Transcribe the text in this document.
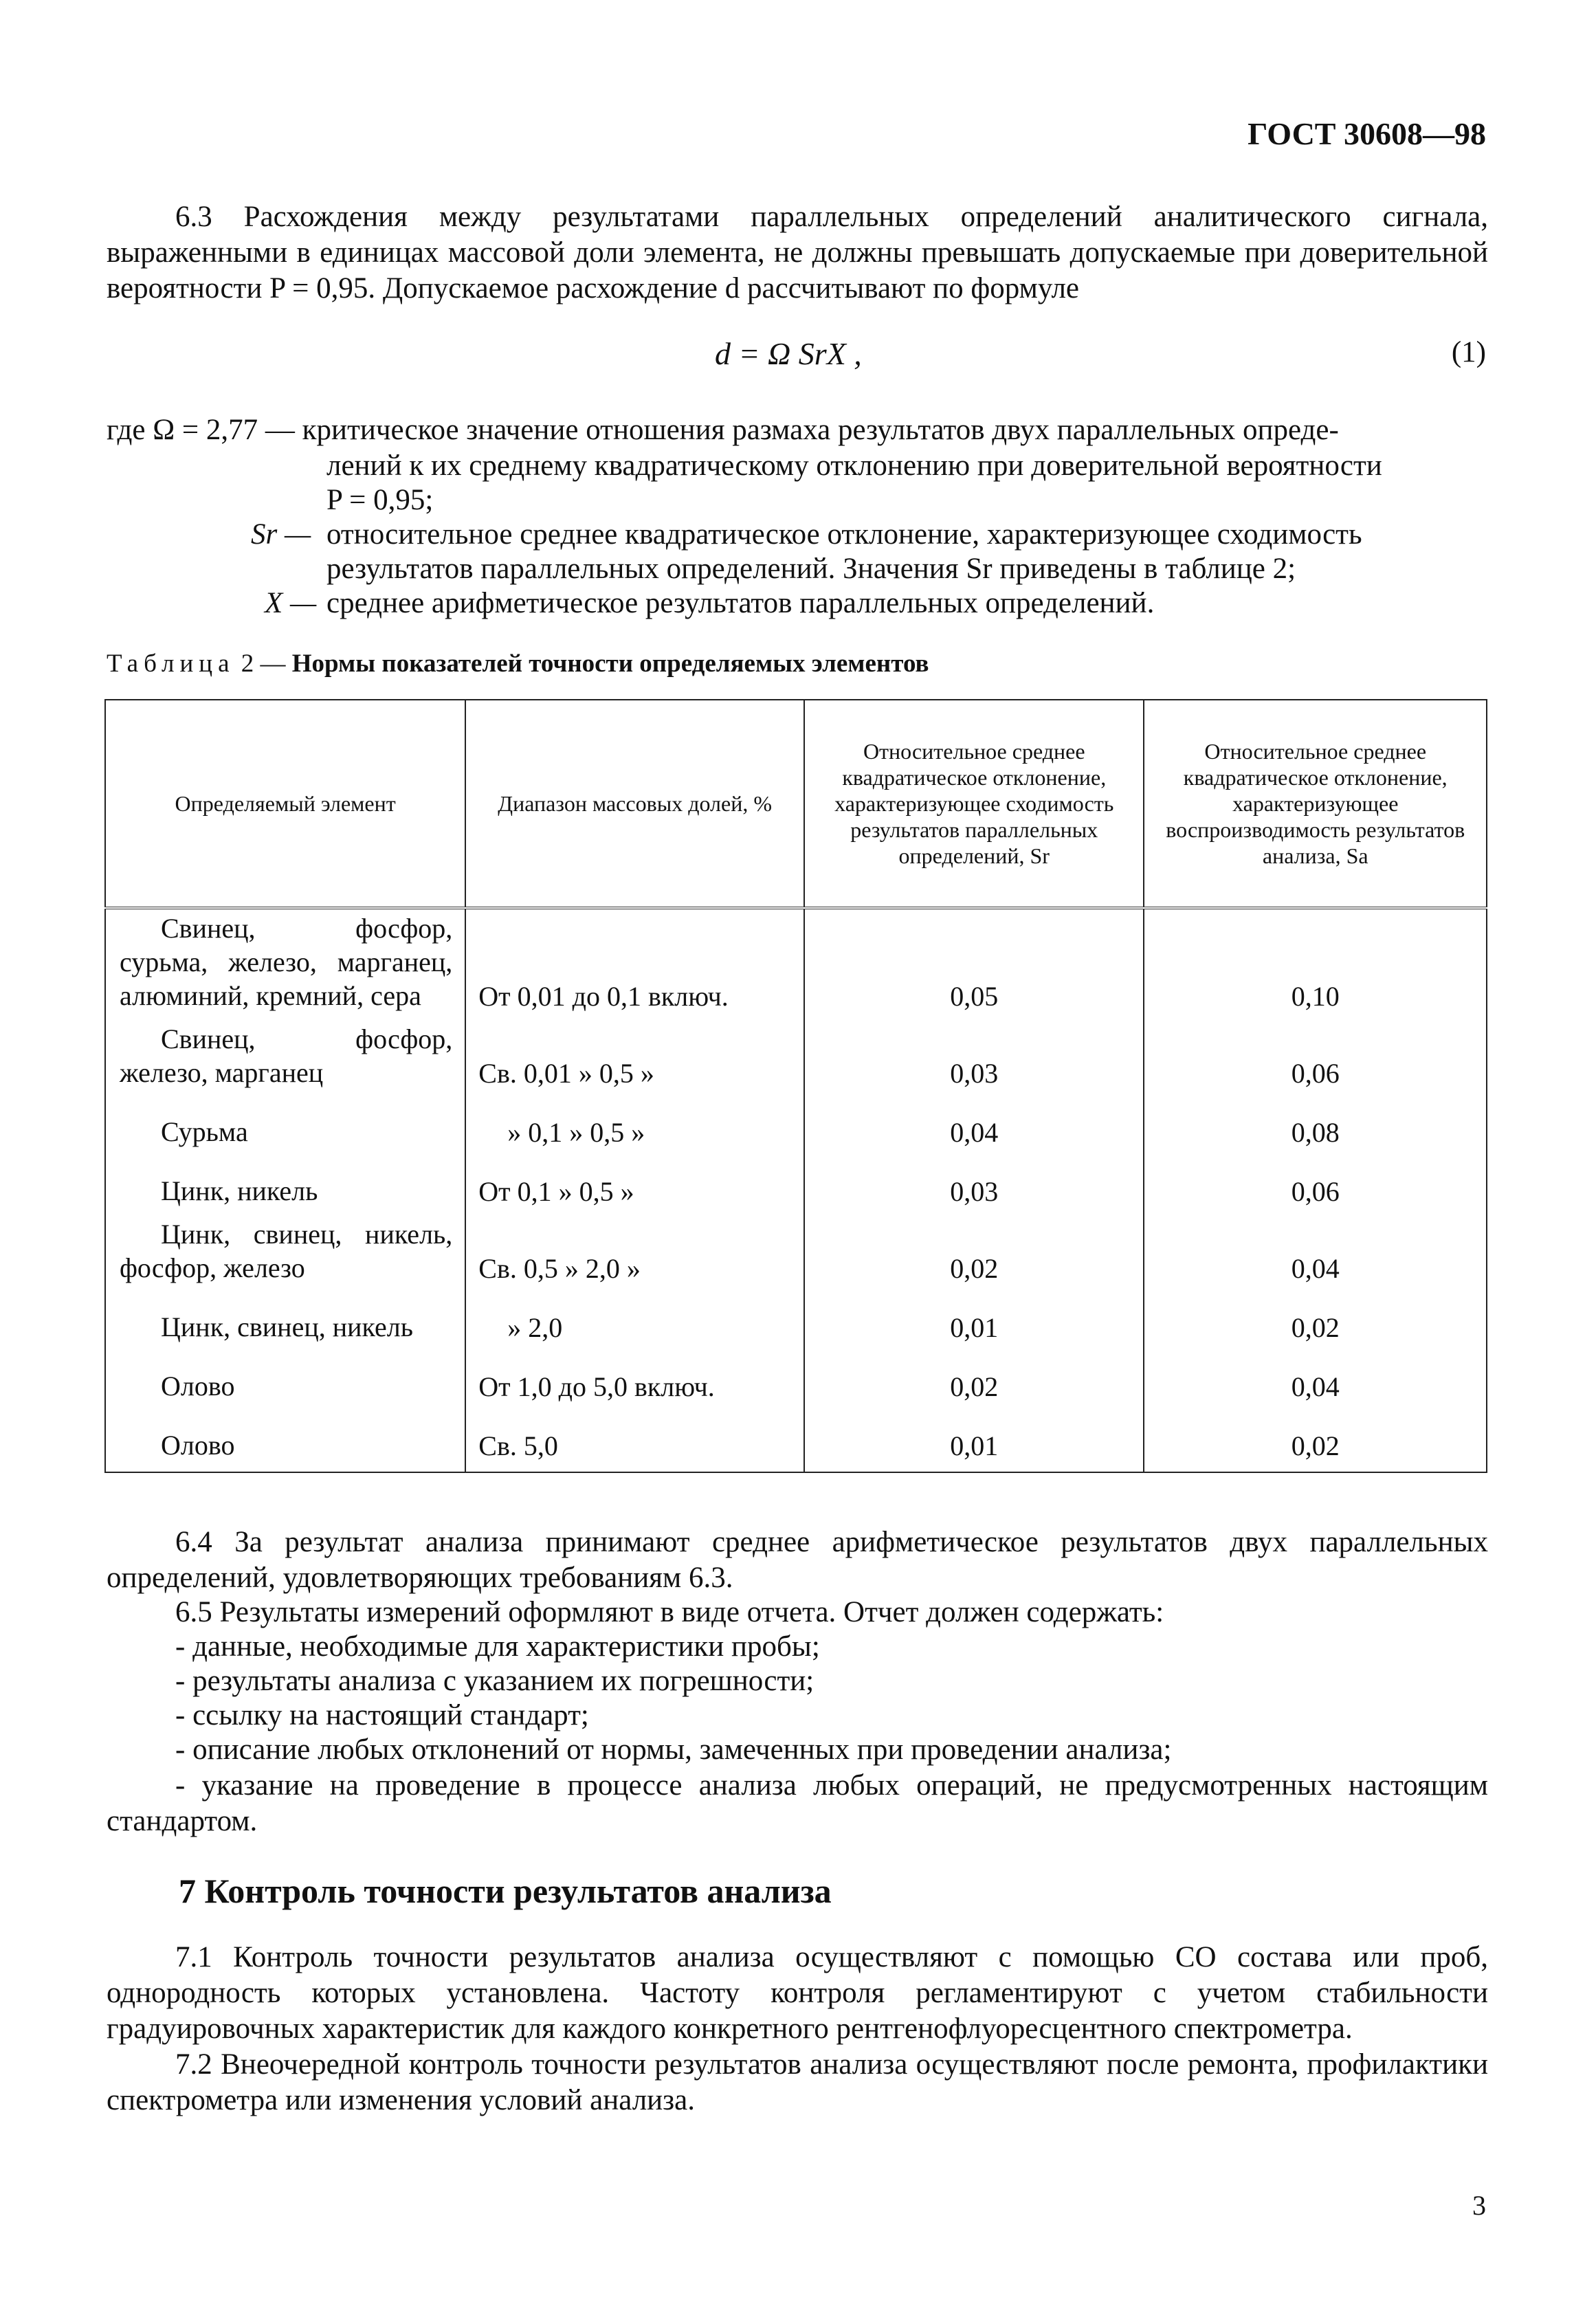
ГОСТ 30608—98
6.3 Расхождения между результатами параллельных определений аналитического сигнала, выраженными в единицах массовой доли элемента, не должны превышать допускаемые при доверительной вероятности P = 0,95. Допускаемое расхождение d рассчитывают по формуле
d = Ω SrX ,	(1)
где Ω = 2,77 — критическое значение отношения размаха результатов двух параллельных опреде-
лений к их среднему квадратическому отклонению при доверительной вероятности
P = 0,95;
Sr — относительное среднее квадратическое отклонение, характеризующее сходимость
результатов параллельных определений. Значения Sr приведены в таблице 2;
X — среднее арифметическое результатов параллельных определений.
Таблица 2 — Нормы показателей точности определяемых элементов
Определяемый элемент	Диапазон массовых долей, %	Относительное среднее квадратическое отклонение, характеризующее сходимость результатов параллельных определений, Sr	Относительное среднее квадратическое отклонение, характеризующее воспроизводимость результатов анализа, Sa
Свинец, фосфор, сурьма, железо, марганец, алюминий, кремний, сера	От 0,01 до 0,1 включ.	0,05	0,10
Свинец, фосфор, железо, марганец	Св. 0,01 » 0,5 »	0,03	0,06
Сурьма	» 0,1 » 0,5 »	0,04	0,08
Цинк, никель	От 0,1 » 0,5 »	0,03	0,06
Цинк, свинец, никель, фосфор, железо	Св. 0,5 » 2,0 »	0,02	0,04
Цинк, свинец, никель	» 2,0	0,01	0,02
Олово	От 1,0 до 5,0 включ.	0,02	0,04
Олово	Св. 5,0	0,01	0,02
6.4 За результат анализа принимают среднее арифметическое результатов двух параллельных определений, удовлетворяющих требованиям 6.3.
6.5 Результаты измерений оформляют в виде отчета. Отчет должен содержать:
- данные, необходимые для характеристики пробы;
- результаты анализа с указанием их погрешности;
- ссылку на настоящий стандарт;
- описание любых отклонений от нормы, замеченных при проведении анализа;
- указание на проведение в процессе анализа любых операций, не предусмотренных настоящим стандартом.
7 Контроль точности результатов анализа
7.1 Контроль точности результатов анализа осуществляют с помощью СО состава или проб, однородность которых установлена. Частоту контроля регламентируют с учетом стабильности градуировочных характеристик для каждого конкретного рентгенофлуоресцентного спектрометра.
7.2 Внеочередной контроль точности результатов анализа осуществляют после ремонта, профилактики спектрометра или изменения условий анализа.
3
